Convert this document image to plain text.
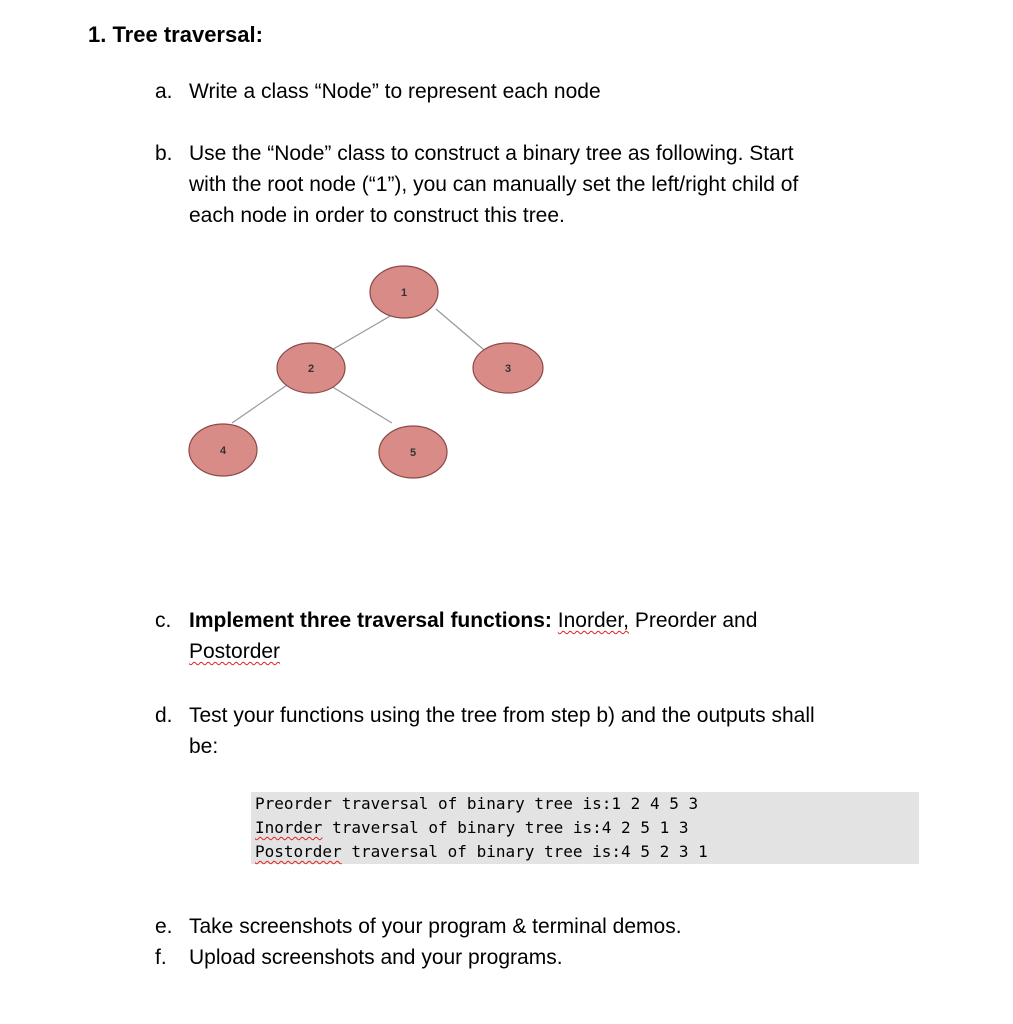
1. Tree traversal:
a. Write a class “Node” to represent each node
b. Use the “Node” class to construct a binary tree as following. Start
with the root node (“1”), you can manually set the left/right child of
each node in order to construct this tree.
1
2	3
4	5
c. Implement three traversal functions: Inorder, Preorder and
Postorder
d. Test your functions using the tree from step b) and the outputs shall
be:
Preorder traversal of binary tree is:1 2 4 5 3
Inorder traversal of binary tree is:4 2 5 1 3
Postorder traversal of binary tree is:4 5 2 3 1
e. Take screenshots of your program & terminal demos.
f. Upload screenshots and your programs.
